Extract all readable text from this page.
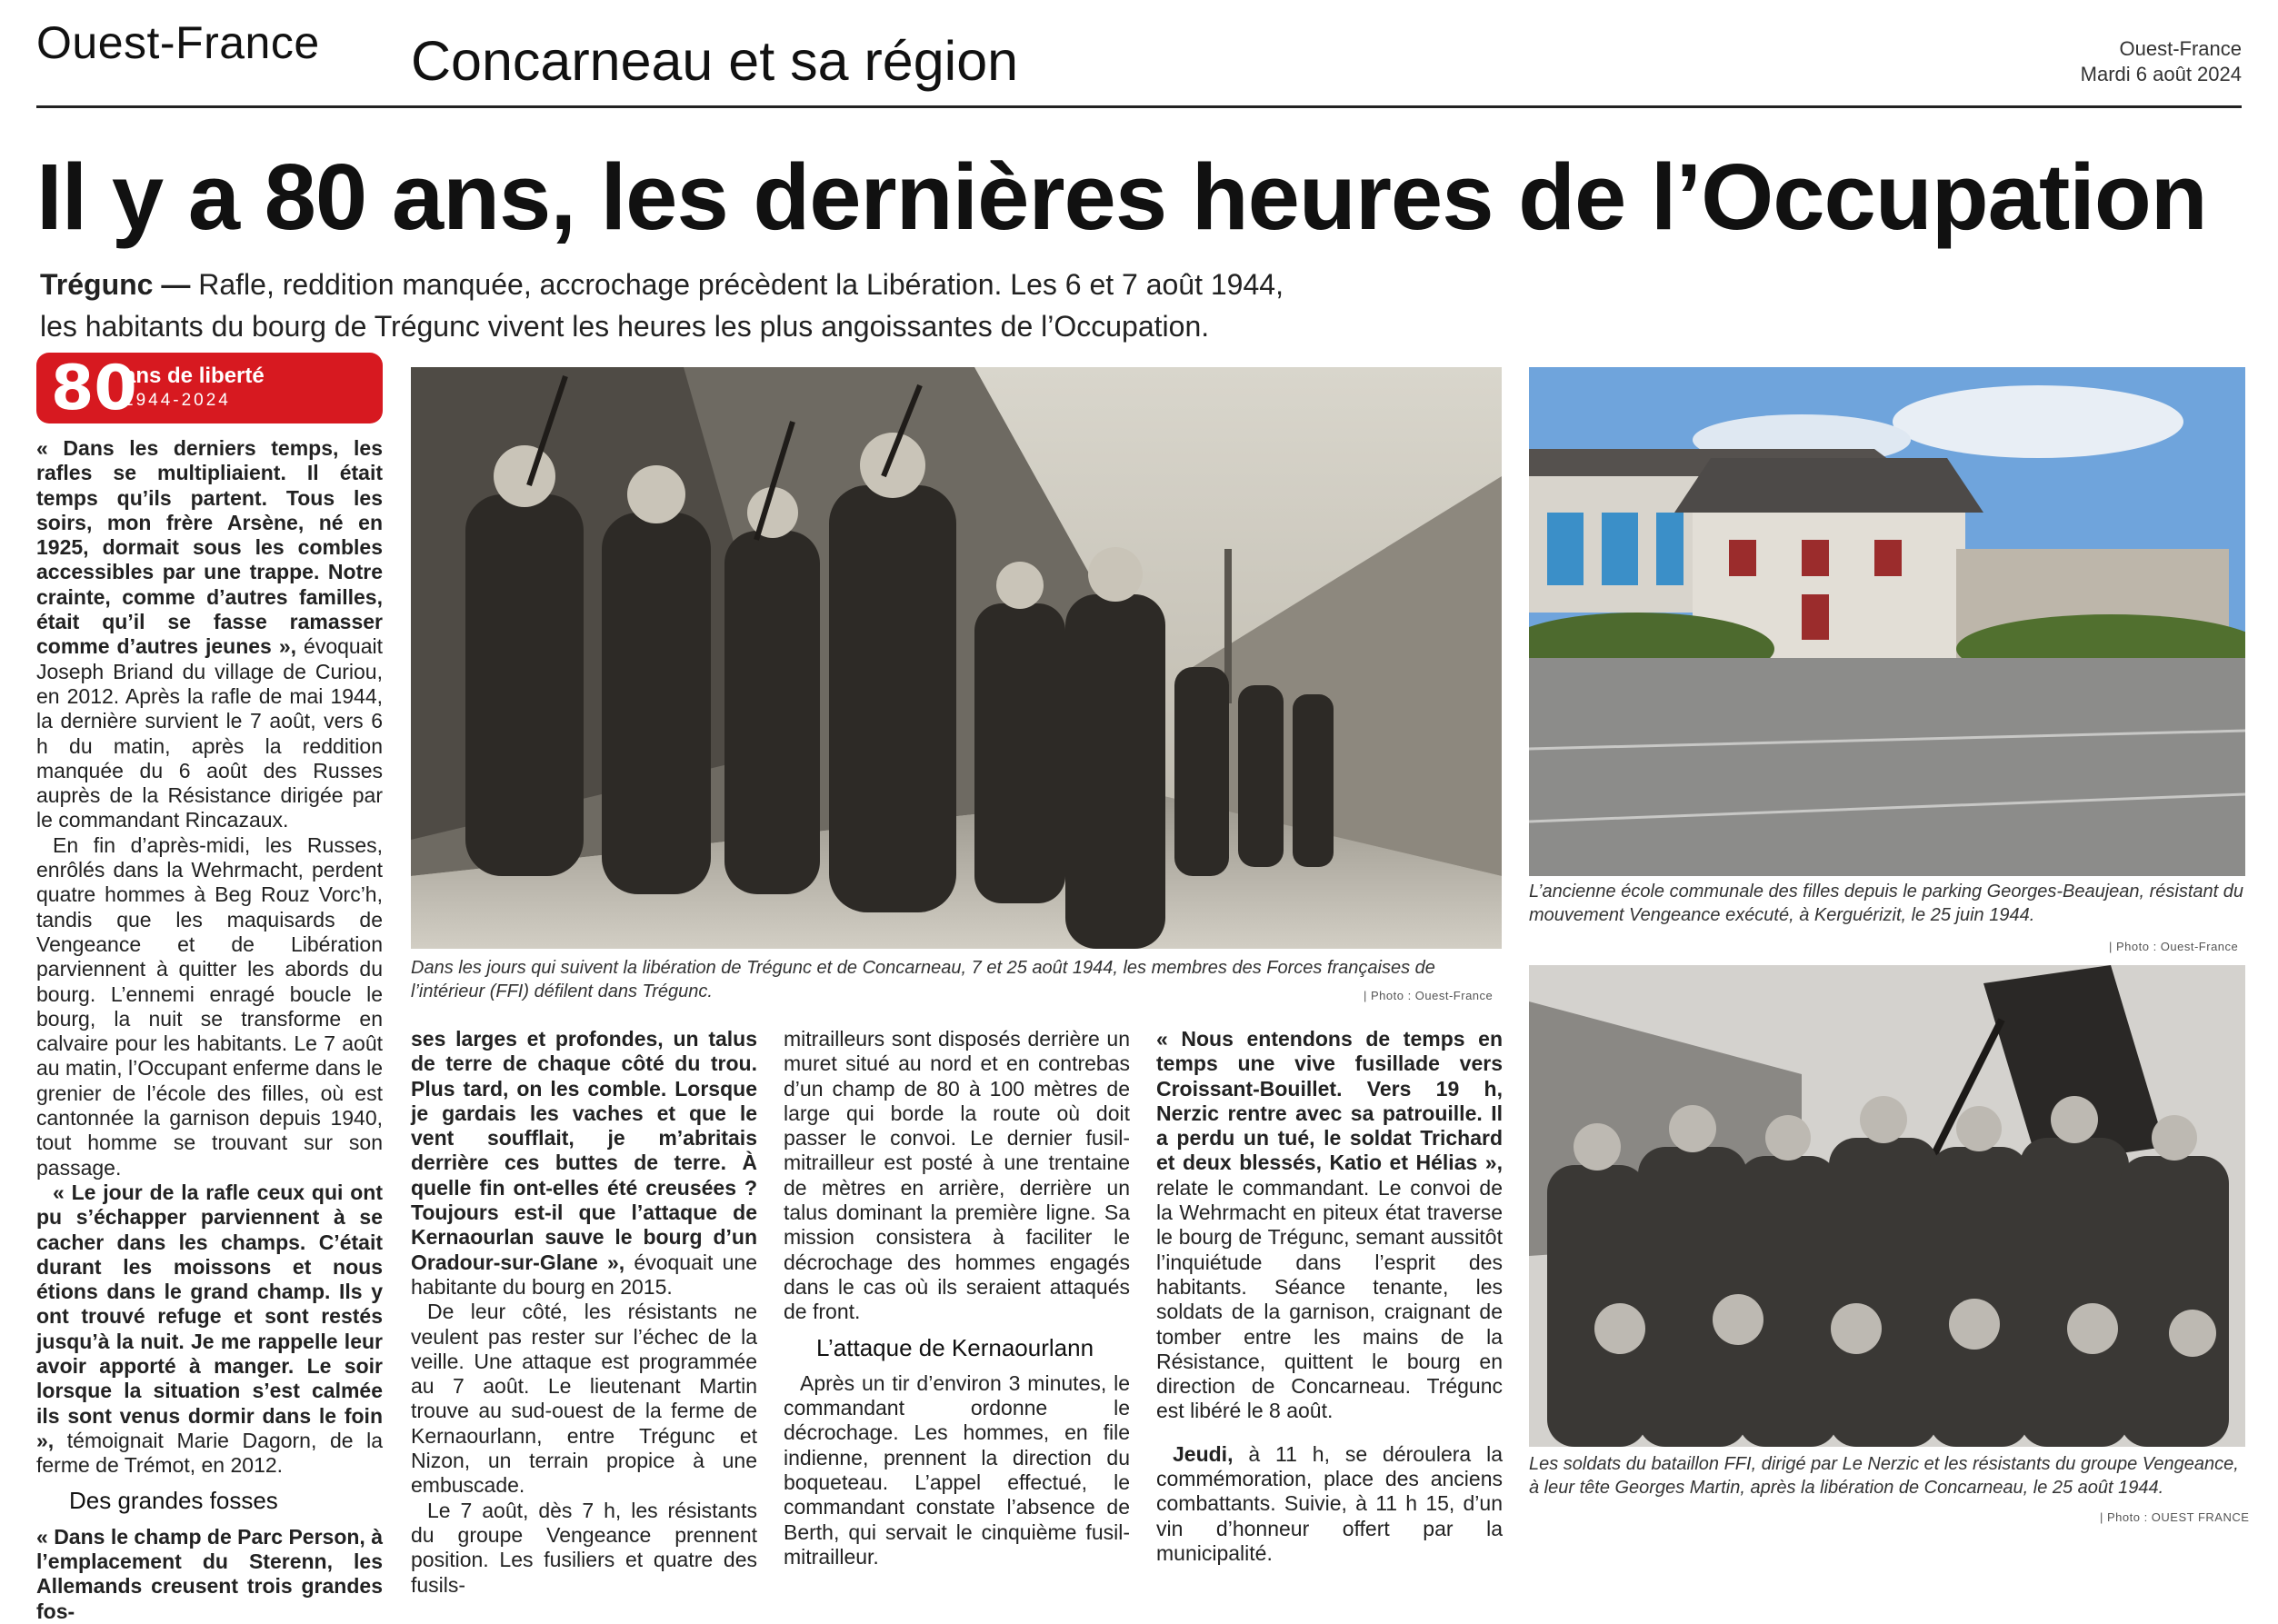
Ouest-France Concarneau et sa région	Ouest-France
Mardi 6 août 2024
Il y a 80 ans, les dernières heures de l’Occupation
Trégunc — Rafle, reddition manquée, accrochage précèdent la Libération. Les 6 et 7 août 1944,
les habitants du bourg de Trégunc vivent les heures les plus angoissantes de l’Occupation.
80
ans de liberté
1944-2024

« Dans les derniers temps, les rafles se multipliaient. Il était temps qu’ils partent. Tous les soirs, mon frère Arsène, né en 1925, dormait sous les combles accessibles par une trappe. Notre crainte, comme d’autres familles, était qu’il se fasse ramasser comme d’autres jeunes », évoquait Joseph Briand du village de Curiou, en 2012. Après la rafle de mai 1944, la dernière survient le 7 août, vers 6 h du matin, après la reddition manquée du 6 août des Russes auprès de la Résistance dirigée par le commandant Rincazaux.

En fin d’après-midi, les Russes, enrôlés dans la Wehrmacht, perdent quatre hommes à Beg Rouz Vorc’h, tandis que les maquisards de Vengeance et de Libération parviennent à quitter les abords du bourg. L’ennemi enragé boucle le bourg, la nuit se transforme en calvaire pour les habitants. Le 7 août au matin, l’Occupant enferme dans le grenier de l’école des filles, où est cantonnée la garnison depuis 1940, tout homme se trouvant sur son passage.

« Le jour de la rafle ceux qui ont pu s’échapper parviennent à se cacher dans les champs. C’était durant les moissons et nous étions dans le grand champ. Ils y ont trouvé refuge et sont restés jusqu’à la nuit. Je me rappelle leur avoir apporté à manger. Le soir lorsque la situation s’est calmée ils sont venus dormir dans le foin », témoignait Marie Dagorn, de la ferme de Trémot, en 2012.

Des grandes fosses

« Dans le champ de Parc Person, à l’emplacement du Sterenn, les Allemands creusent trois grandes fos-

Dans les jours qui suivent la libération de Trégunc et de Concarneau, 7 et 25 août 1944, les membres des Forces françaises de l’intérieur (FFI) défilent dans Trégunc.	| Photo : Ouest-France

ses larges et profondes, un talus de terre de chaque côté du trou. Plus tard, on les comble. Lorsque je gardais les vaches et que le vent soufflait, je m’abritais derrière ces buttes de terre. À quelle fin ont-elles été creusées ? Toujours est-il que l’attaque de Kernaourlan sauve le bourg d’un Oradour-sur-Glane », évoquait une habitante du bourg en 2015.

De leur côté, les résistants ne veulent pas rester sur l’échec de la veille. Une attaque est programmée au 7 août. Le lieutenant Martin trouve au sud-ouest de la ferme de Kernaourlann, entre Trégunc et Nizon, un terrain propice à une embuscade.

Le 7 août, dès 7 h, les résistants du groupe Vengeance prennent position. Les fusiliers et quatre des fusils-

mitrailleurs sont disposés derrière un muret situé au nord et en contrebas d’un champ de 80 à 100 mètres de large qui borde la route où doit passer le convoi. Le dernier fusil-mitrailleur est posté à une trentaine de mètres en arrière, derrière un talus dominant la première ligne. Sa mission consistera à faciliter le décrochage des hommes engagés dans le cas où ils seraient attaqués de front.

L’attaque de Kernaourlann

Après un tir d’environ 3 minutes, le commandant ordonne le décrochage. Les hommes, en file indienne, prennent la direction du boqueteau. L’appel effectué, le commandant constate l’absence de Berth, qui servait le cinquième fusil-mitrailleur.

« Nous entendons de temps en temps une vive fusillade vers Croissant-Bouillet. Vers 19 h, Nerzic rentre avec sa patrouille. Il a perdu un tué, le soldat Trichard et deux blessés, Katio et Hélias », relate le commandant. Le convoi de la Wehrmacht en piteux état traverse le bourg de Trégunc, semant aussitôt l’inquiétude dans l’esprit des habitants. Séance tenante, les soldats de la garnison, craignant de tomber entre les mains de la Résistance, quittent le bourg en direction de Concarneau. Trégunc est libéré le 8 août.

Jeudi, à 11 h, se déroulera la commémoration, place des anciens combattants. Suivie, à 11 h 15, d’un vin d’honneur offert par la municipalité.

L’ancienne école communale des filles depuis le parking Georges-Beaujean, résistant du mouvement Vengeance exécuté, à Kerguérizit, le 25 juin 1944.
| Photo : Ouest-France
Les soldats du bataillon FFI, dirigé par Le Nerzic et les résistants du groupe Vengeance, à leur tête Georges Martin, après la libération de Concarneau, le 25 août 1944.
| Photo : OUEST FRANCE
